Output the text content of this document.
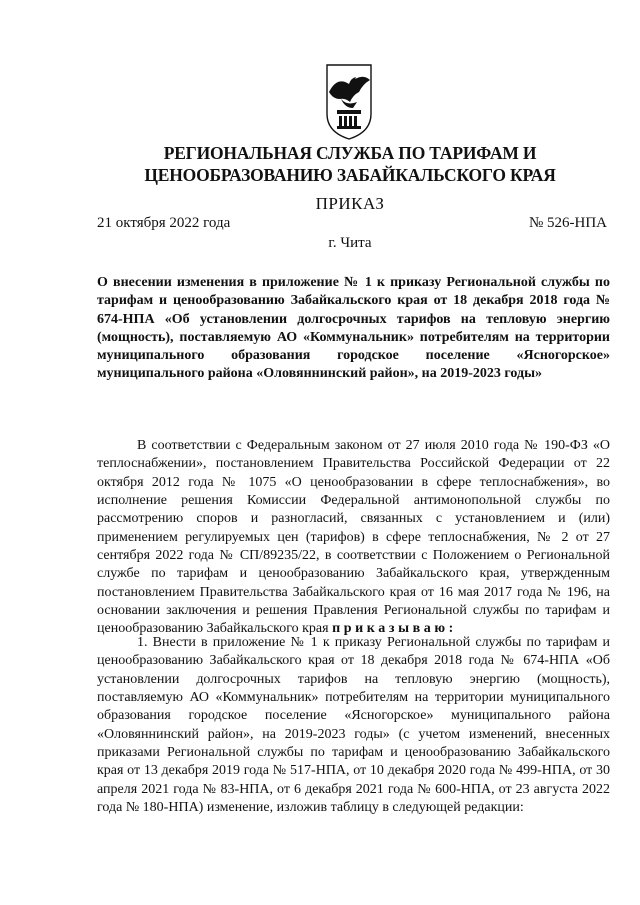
РЕГИОНАЛЬНАЯ СЛУЖБА ПО ТАРИФАМ И
ЦЕНООБРАЗОВАНИЮ ЗАБАЙКАЛЬСКОГО КРАЯ
ПРИКАЗ
21 октября 2022 года	№ 526-НПА
г. Чита
О внесении изменения в приложение № 1 к приказу Региональной службы по тарифам и ценообразованию Забайкальского края от 18 декабря 2018 года № 674-НПА «Об установлении долгосрочных тарифов на тепловую энергию (мощность), поставляемую АО «Коммунальник» потребителям на территории муниципального образования городское поселение «Ясногорское» муниципального района «Оловяннинский район», на 2019-2023 годы»
В соответствии с Федеральным законом от 27 июля 2010 года № 190-ФЗ «О теплоснабжении», постановлением Правительства Российской Федерации от 22 октября 2012 года № 1075 «О ценообразовании в сфере теплоснабжения», во исполнение решения Комиссии Федеральной антимонопольной службы по рассмотрению споров и разногласий, связанных с установлением и (или) применением регулируемых цен (тарифов) в сфере теплоснабжения, № 2 от 27 сентября 2022 года № СП/89235/22, в соответствии с Положением о Региональной службе по тарифам и ценообразованию Забайкальского края, утвержденным постановлением Правительства Забайкальского края от 16 мая 2017 года № 196, на основании заключения и решения Правления Региональной службы по тарифам и ценообразованию Забайкальского края приказываю:
1. Внести в приложение № 1 к приказу Региональной службы по тарифам и ценообразованию Забайкальского края от 18 декабря 2018 года № 674-НПА «Об установлении долгосрочных тарифов на тепловую энергию (мощность), поставляемую АО «Коммунальник» потребителям на территории муниципального образования городское поселение «Ясногорское» муниципального района «Оловяннинский район», на 2019-2023 годы» (с учетом изменений, внесенных приказами Региональной службы по тарифам и ценообразованию Забайкальского края от 13 декабря 2019 года № 517-НПА, от 10 декабря 2020 года № 499-НПА, от 30 апреля 2021 года № 83-НПА, от 6 декабря 2021 года № 600-НПА, от 23 августа 2022 года № 180-НПА) изменение, изложив таблицу в следующей редакции:
